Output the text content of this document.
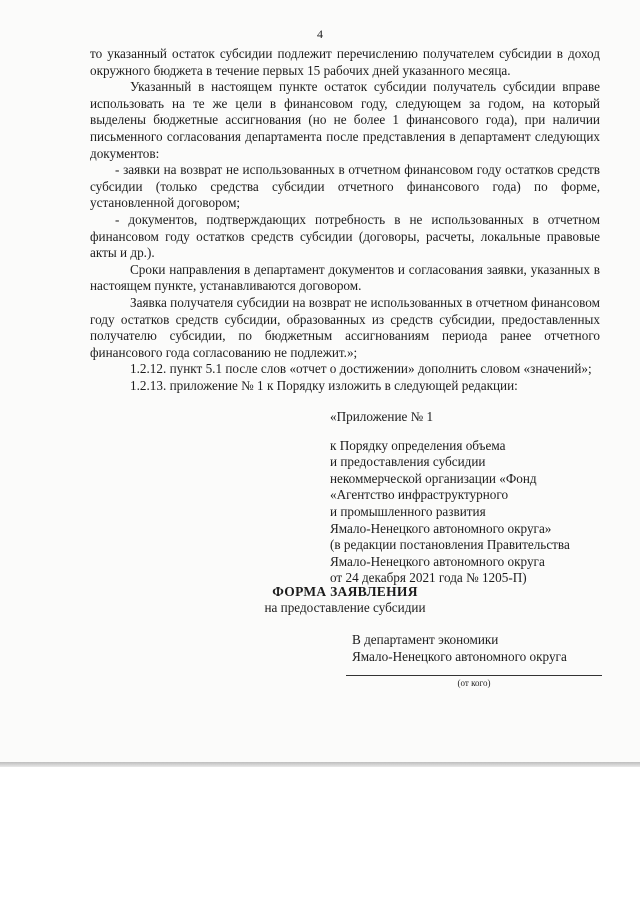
4

то указанный остаток субсидии подлежит перечислению получателем субсидии в доход окружного бюджета в течение первых 15 рабочих дней указанного месяца.

Указанный в настоящем пункте остаток субсидии получатель субсидии вправе использовать на те же цели в финансовом году, следующем за годом, на который выделены бюджетные ассигнования (но не более 1 финансового года), при наличии письменного согласования департамента после представления в департамент следующих документов:

- заявки на возврат не использованных в отчетном финансовом году остатков средств субсидии (только средства субсидии отчетного финансового года) по форме, установленной договором;

- документов, подтверждающих потребность в не использованных в отчетном финансовом году остатков средств субсидии (договоры, расчеты, локальные правовые акты и др.).

Сроки направления в департамент документов и согласования заявки, указанных в настоящем пункте, устанавливаются договором.

Заявка получателя субсидии на возврат не использованных в отчетном финансовом году остатков средств субсидии, образованных из средств субсидии, предоставленных получателю субсидии, по бюджетным ассигнованиям периода ранее отчетного финансового года согласованию не подлежит.»;

1.2.12. пункт 5.1 после слов «отчет о достижении» дополнить словом «значений»;

1.2.13. приложение № 1 к Порядку изложить в следующей редакции:

«Приложение № 1
к Порядку определения объема
и предоставления субсидии
некоммерческой организации «Фонд
«Агентство инфраструктурного
и промышленного развития
Ямало-Ненецкого автономного округа»
(в редакции постановления Правительства
Ямало-Ненецкого автономного округа
от 24 декабря 2021 года № 1205-П)
ФОРМА ЗАЯВЛЕНИЯ
на предоставление субсидии
В департамент экономики
Ямало-Ненецкого автономного округа
(от кого)
